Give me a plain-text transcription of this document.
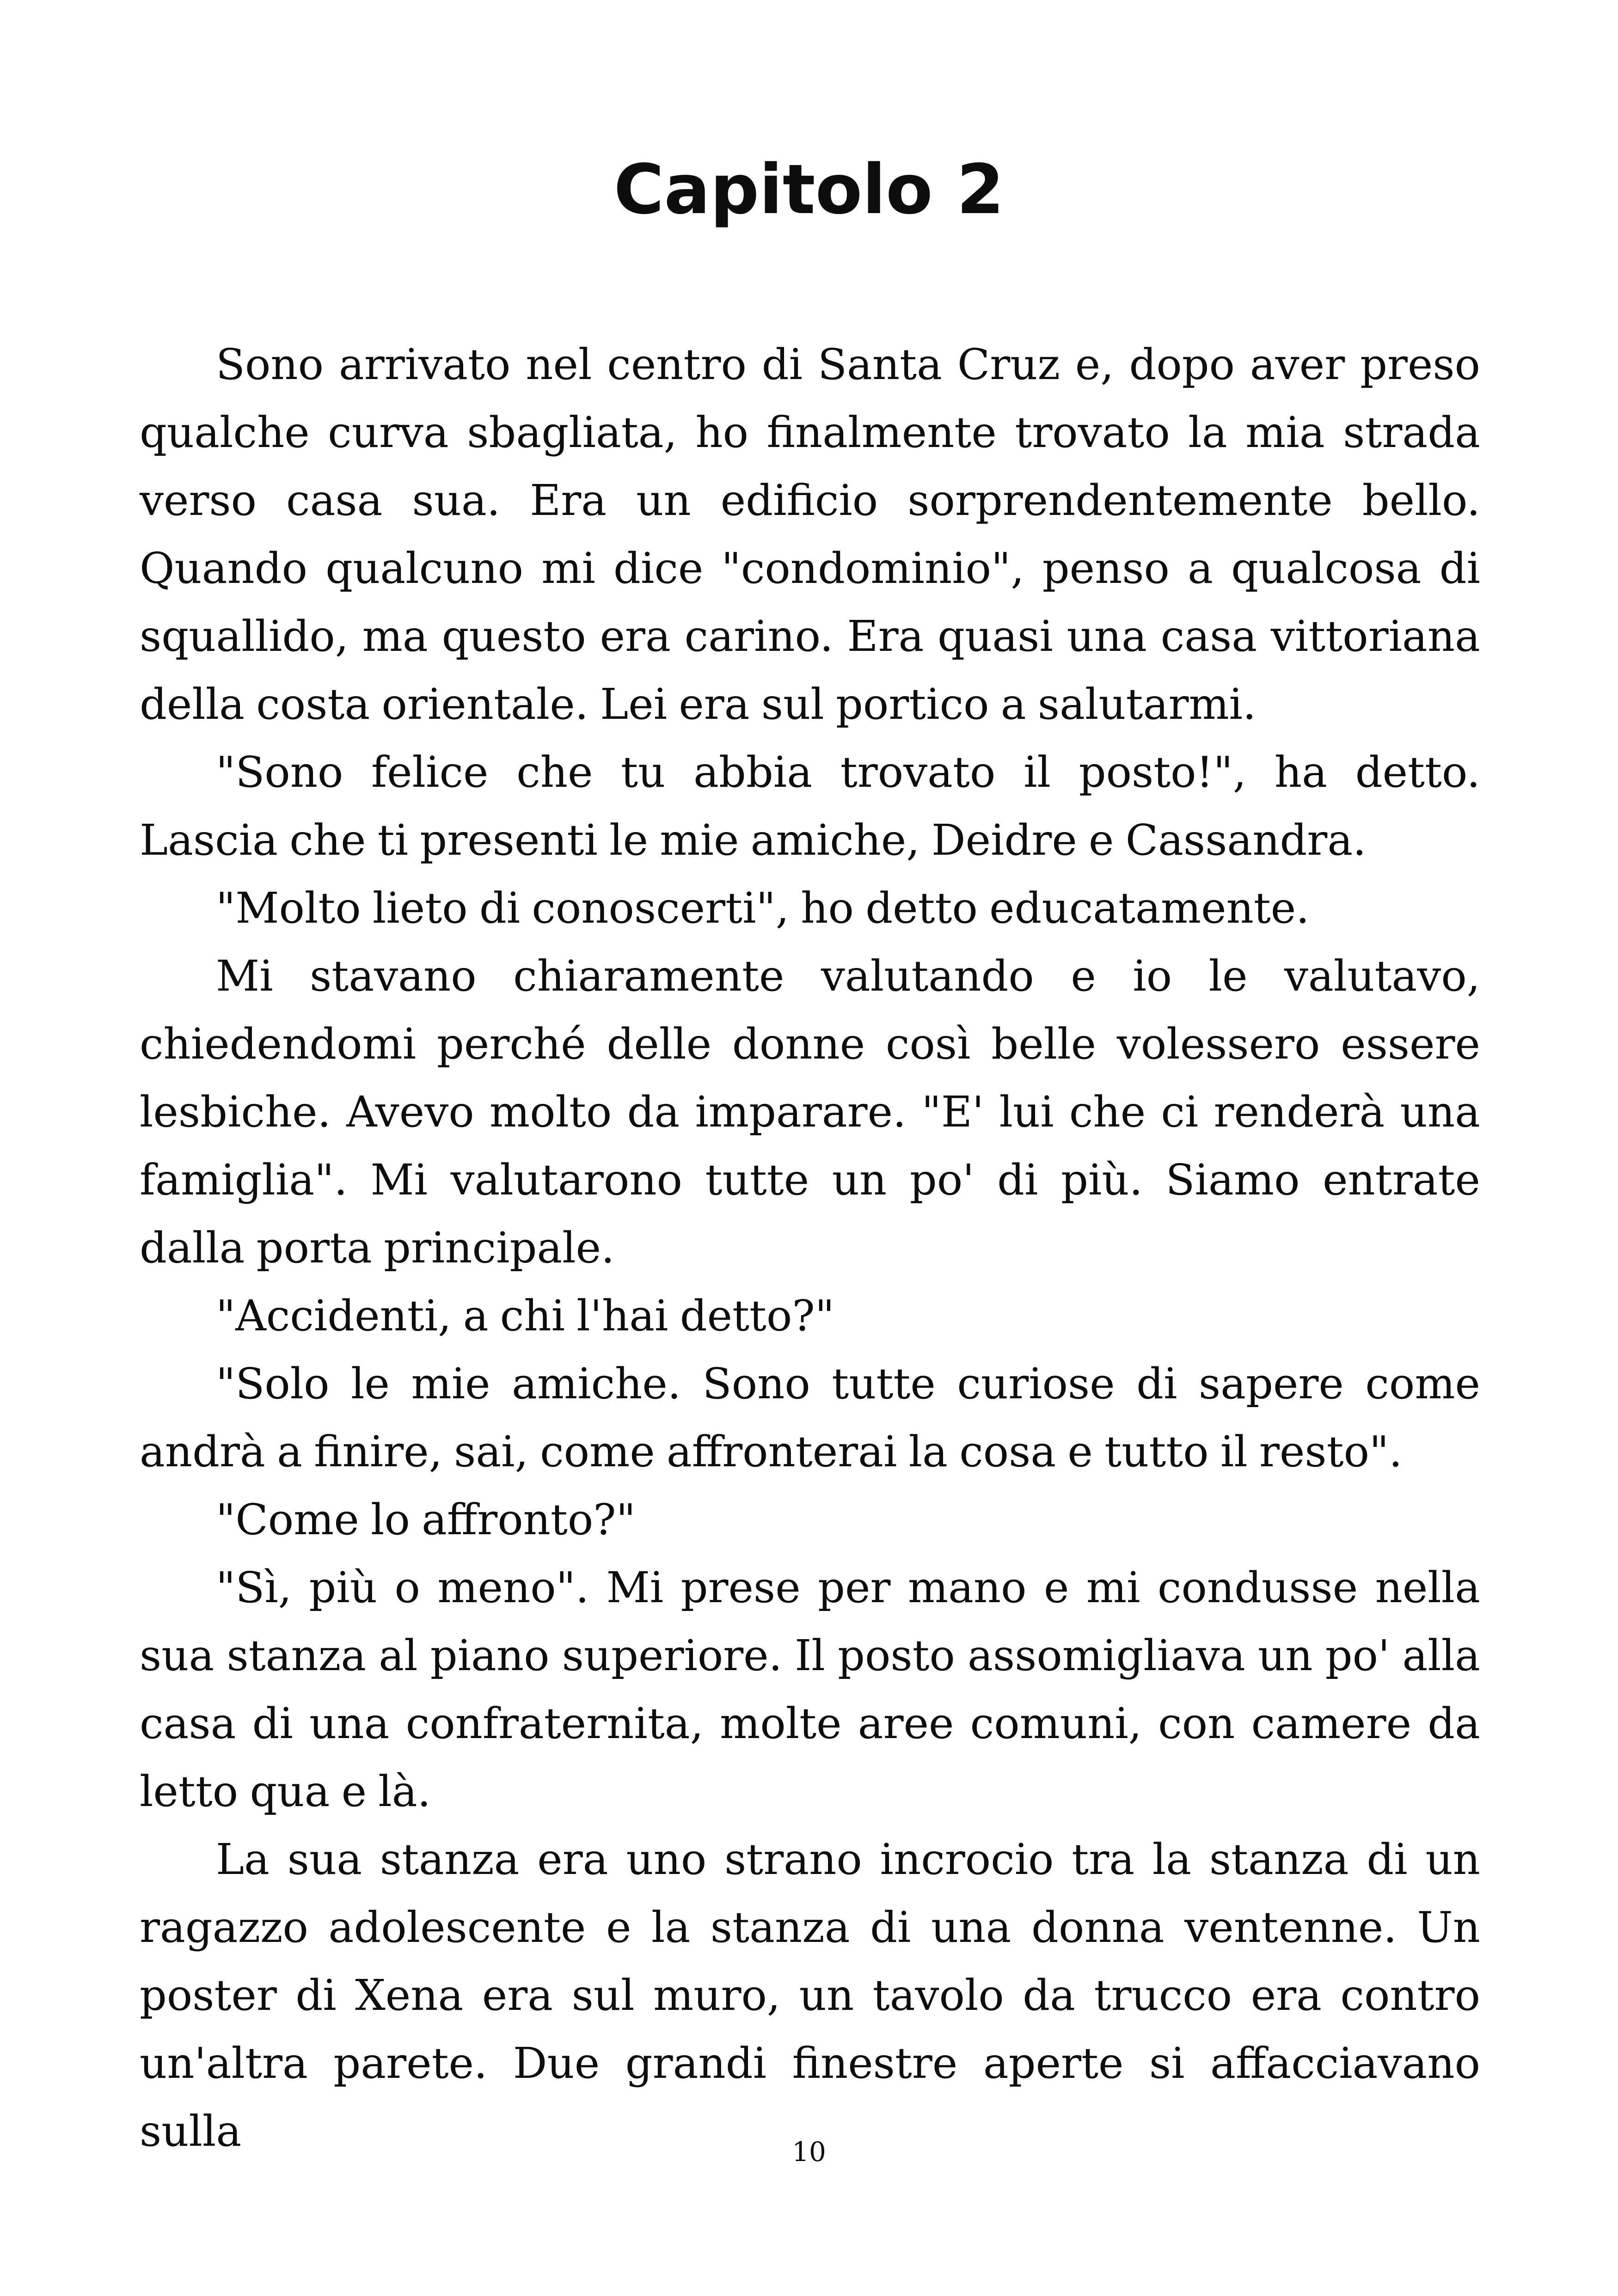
Capitolo 2

Sono arrivato nel centro di Santa Cruz e, dopo aver preso qualche curva sbagliata, ho finalmente trovato la mia strada verso casa sua. Era un edificio sorprendentemente bello. Quando qualcuno mi dice "condominio", penso a qualcosa di squallido, ma questo era carino. Era quasi una casa vittoriana della costa orientale. Lei era sul portico a salutarmi.

"Sono felice che tu abbia trovato il posto!", ha detto. Lascia che ti presenti le mie amiche, Deidre e Cassandra.

"Molto lieto di conoscerti", ho detto educatamente.

Mi stavano chiaramente valutando e io le valutavo, chiedendomi perché delle donne così belle volessero essere lesbiche. Avevo molto da imparare. "E' lui che ci renderà una famiglia". Mi valutarono tutte un po' di più. Siamo entrate dalla porta principale.

"Accidenti, a chi l'hai detto?"

"Solo le mie amiche. Sono tutte curiose di sapere come andrà a finire, sai, come affronterai la cosa e tutto il resto".

"Come lo affronto?"

"Sì, più o meno". Mi prese per mano e mi condusse nella sua stanza al piano superiore. Il posto assomigliava un po' alla casa di una confraternita, molte aree comuni, con camere da letto qua e là.

La sua stanza era uno strano incrocio tra la stanza di un ragazzo adolescente e la stanza di una donna ventenne. Un poster di Xena era sul muro, un tavolo da trucco era contro un'altra parete. Due grandi finestre aperte si affacciavano sulla	10
